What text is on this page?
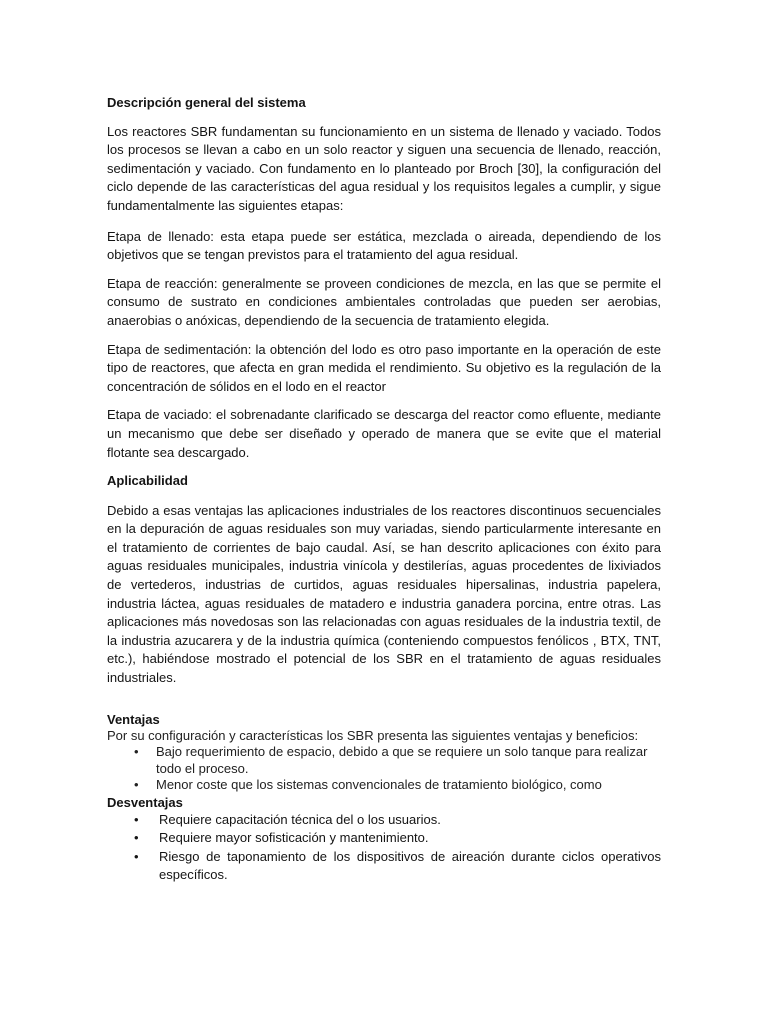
Descripción general del sistema

Los reactores SBR fundamentan su funcionamiento en un sistema de llenado y vaciado. Todos los procesos se llevan a cabo en un solo reactor y siguen una secuencia de llenado, reacción, sedimentación y vaciado. Con fundamento en lo planteado por Broch [30], la configuración del ciclo depende de las características del agua residual y los requisitos legales a cumplir, y sigue fundamentalmente las siguientes etapas:

Etapa de llenado: esta etapa puede ser estática, mezclada o aireada, dependiendo de los objetivos que se tengan previstos para el tratamiento del agua residual.

Etapa de reacción: generalmente se proveen condiciones de mezcla, en las que se permite el consumo de sustrato en condiciones ambientales controladas que pueden ser aerobias, anaerobias o anóxicas, dependiendo de la secuencia de tratamiento elegida.

Etapa de sedimentación: la obtención del lodo es otro paso importante en la operación de este tipo de reactores, que afecta en gran medida el rendimiento. Su objetivo es la regulación de la concentración de sólidos en el lodo en el reactor

Etapa de vaciado: el sobrenadante clarificado se descarga del reactor como efluente, mediante un mecanismo que debe ser diseñado y operado de manera que se evite que el material flotante sea descargado.

Aplicabilidad

Debido a esas ventajas las aplicaciones industriales de los reactores discontinuos secuenciales en la depuración de aguas residuales son muy variadas, siendo particularmente interesante en el tratamiento de corrientes de bajo caudal. Así, se han descrito aplicaciones con éxito para aguas residuales municipales, industria vinícola y destilerías, aguas procedentes de lixiviados de vertederos, industrias de curtidos, aguas residuales hipersalinas, industria papelera, industria láctea, aguas residuales de matadero e industria ganadera porcina, entre otras. Las aplicaciones más novedosas son las relacionadas con aguas residuales de la industria textil, de la industria azucarera y de la industria química (conteniendo compuestos fenólicos , BTX, TNT, etc.), habiéndose mostrado el potencial de los SBR en el tratamiento de aguas residuales industriales.

Ventajas
Por su configuración y características los SBR presenta las siguientes ventajas y beneficios:
• Bajo requerimiento de espacio, debido a que se requiere un solo tanque para realizar todo el proceso.
• Menor coste que los sistemas convencionales de tratamiento biológico, como
Desventajas
• Requiere capacitación técnica del o los usuarios.
• Requiere mayor sofisticación y mantenimiento.
• Riesgo de taponamiento de los dispositivos de aireación durante ciclos operativos específicos.
